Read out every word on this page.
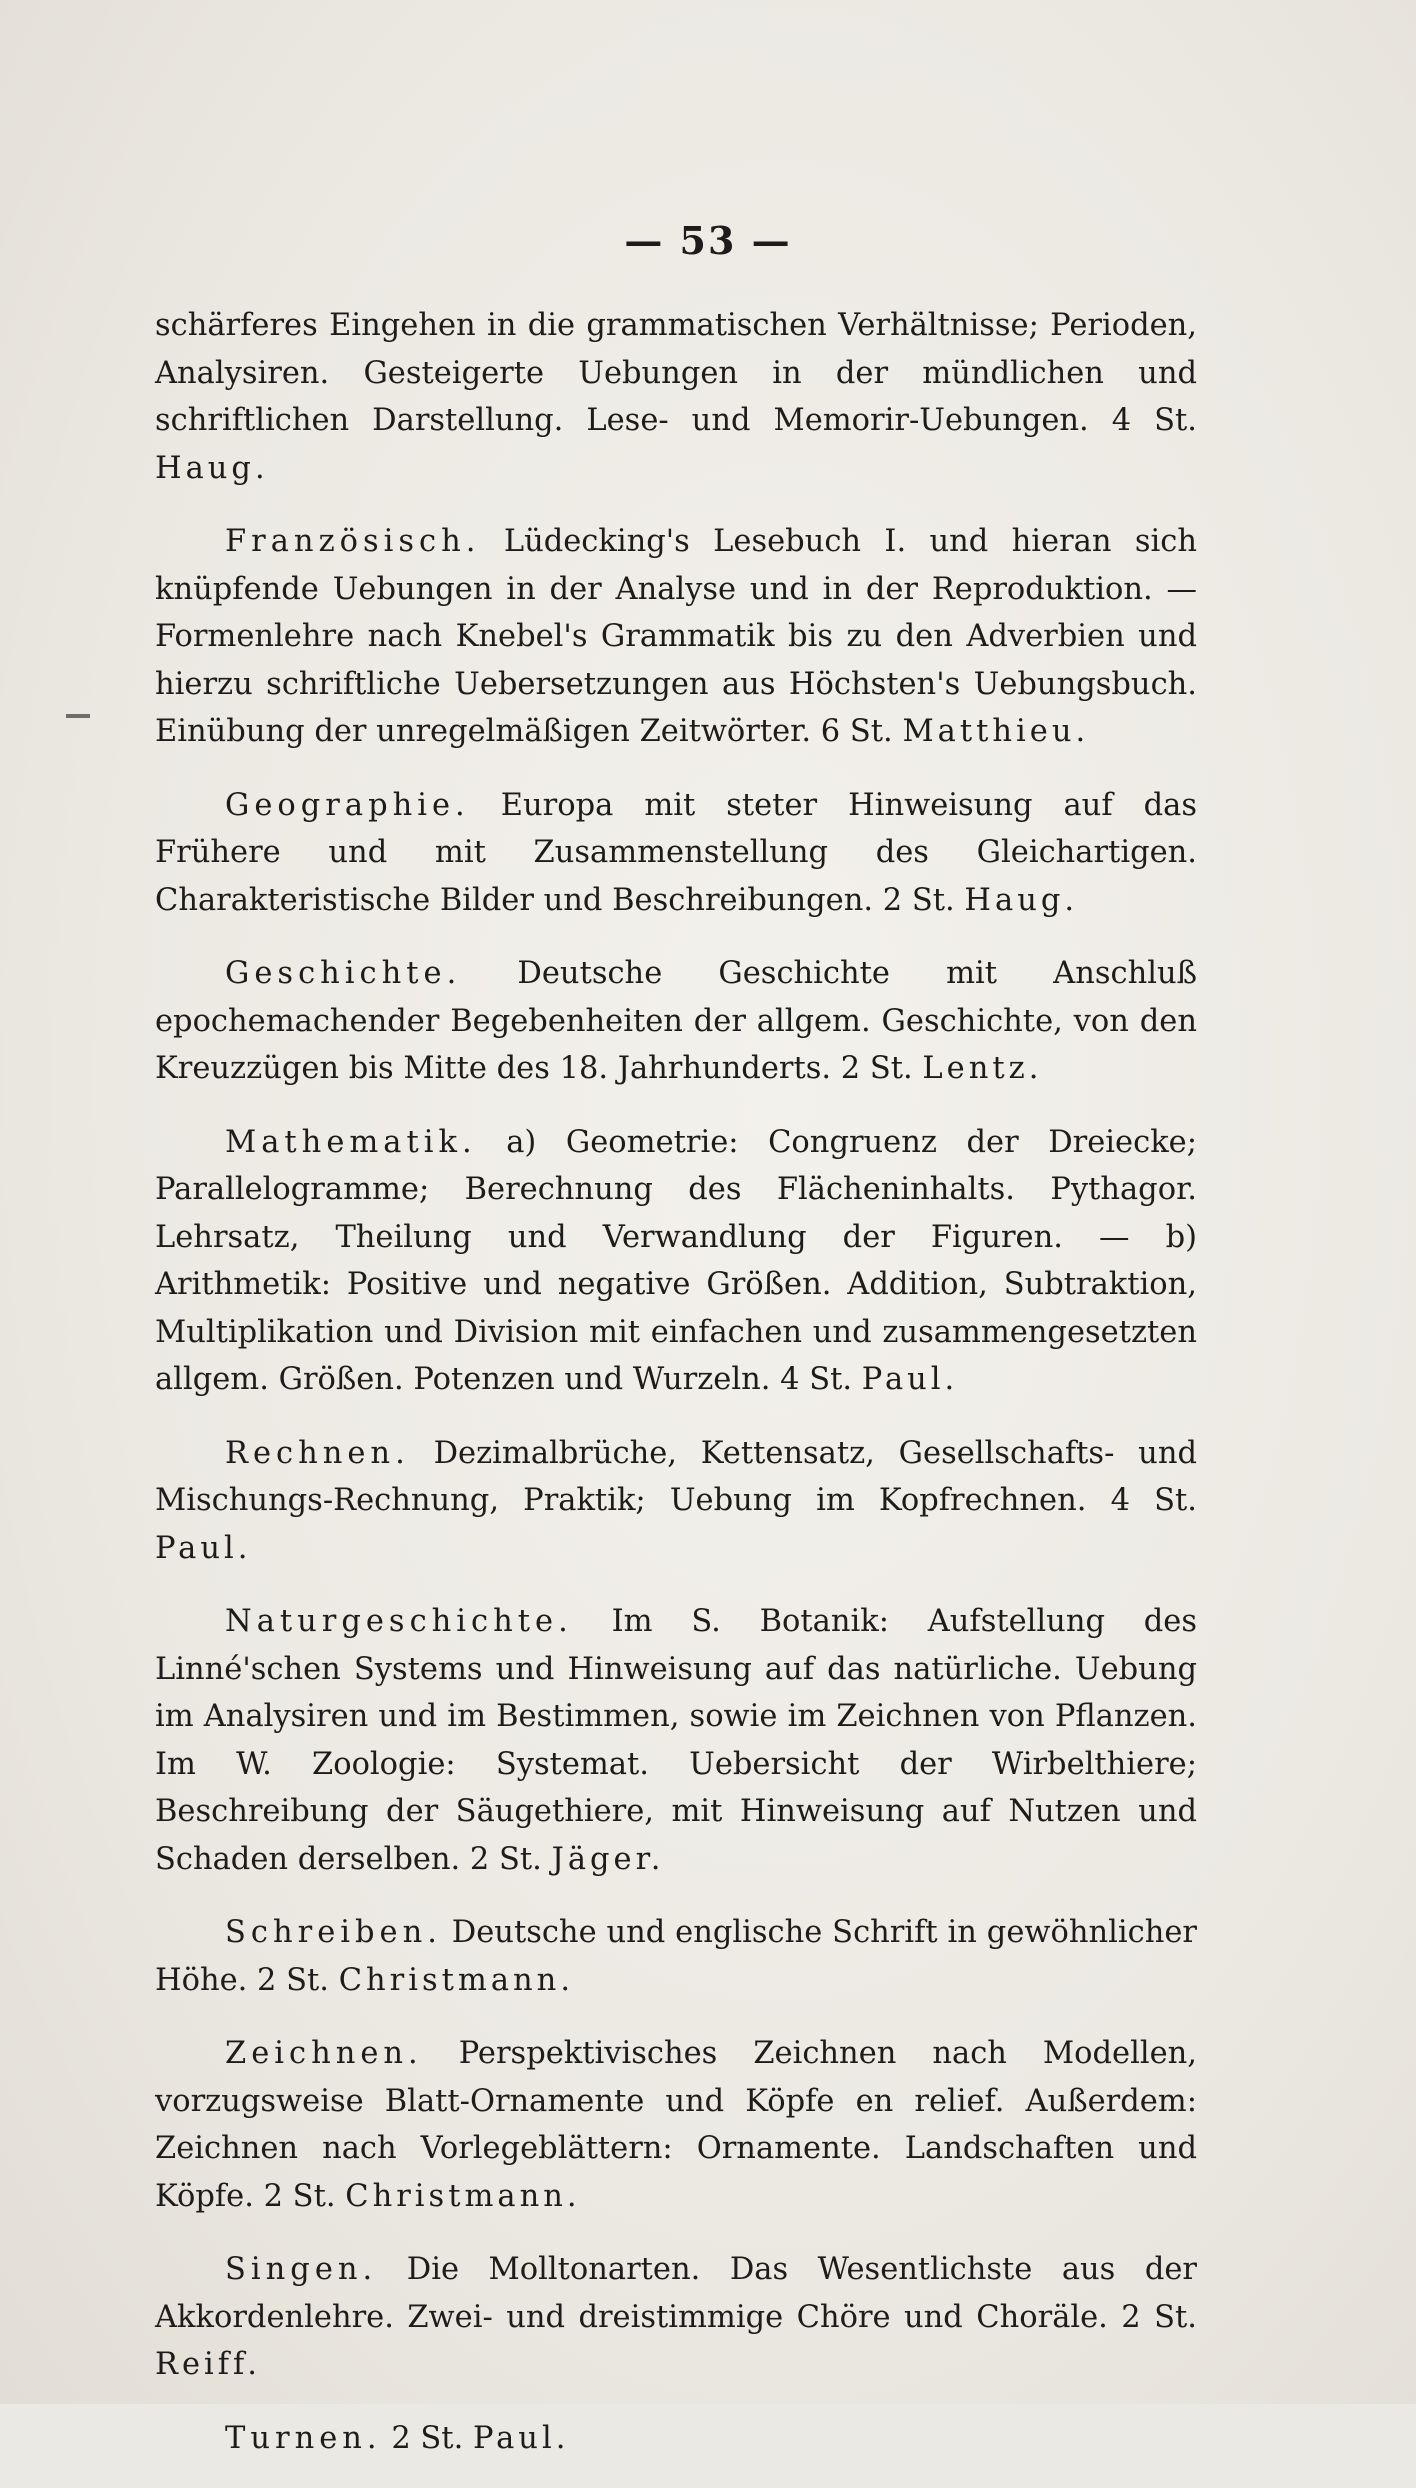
— 53 —

schärferes Eingehen in die grammatischen Verhältnisse; Perioden, Analysiren. Gesteigerte Uebungen in der mündlichen und schriftlichen Darstellung. Lese- und Memorir-Uebungen. 4 St. Haug.

Französisch. Lüdecking's Lesebuch I. und hieran sich knüpfende Uebungen in der Analyse und in der Reproduktion. — Formenlehre nach Knebel's Grammatik bis zu den Adverbien und hierzu schriftliche Uebersetzungen aus Höchsten's Uebungsbuch. Einübung der unregelmäßigen Zeitwörter. 6 St. Matthieu.

Geographie. Europa mit steter Hinweisung auf das Frühere und mit Zusammenstellung des Gleichartigen. Charakteristische Bilder und Beschreibungen. 2 St. Haug.

Geschichte. Deutsche Geschichte mit Anschluß epochemachender Begebenheiten der allgem. Geschichte, von den Kreuzzügen bis Mitte des 18. Jahrhunderts. 2 St. Lentz.

Mathematik. a) Geometrie: Congruenz der Dreiecke; Parallelogramme; Berechnung des Flächeninhalts. Pythagor. Lehrsatz, Theilung und Verwandlung der Figuren. — b) Arithmetik: Positive und negative Größen. Addition, Subtraktion, Multiplikation und Division mit einfachen und zusammengesetzten allgem. Größen. Potenzen und Wurzeln. 4 St. Paul.

Rechnen. Dezimalbrüche, Kettensatz, Gesellschafts- und Mischungs-Rechnung, Praktik; Uebung im Kopfrechnen. 4 St. Paul.

Naturgeschichte. Im S. Botanik: Aufstellung des Linné'schen Systems und Hinweisung auf das natürliche. Uebung im Analysiren und im Bestimmen, sowie im Zeichnen von Pflanzen. Im W. Zoologie: Systemat. Uebersicht der Wirbelthiere; Beschreibung der Säugethiere, mit Hinweisung auf Nutzen und Schaden derselben. 2 St. Jäger.

Schreiben. Deutsche und englische Schrift in gewöhnlicher Höhe. 2 St. Christmann.

Zeichnen. Perspektivisches Zeichnen nach Modellen, vorzugsweise Blatt-Ornamente und Köpfe en relief. Außerdem: Zeichnen nach Vorlegeblättern: Ornamente. Landschaften und Köpfe. 2 St. Christmann.

Singen. Die Molltonarten. Das Wesentlichste aus der Akkordenlehre. Zwei- und dreistimmige Chöre und Choräle. 2 St. Reiff.

Turnen. 2 St. Paul.
